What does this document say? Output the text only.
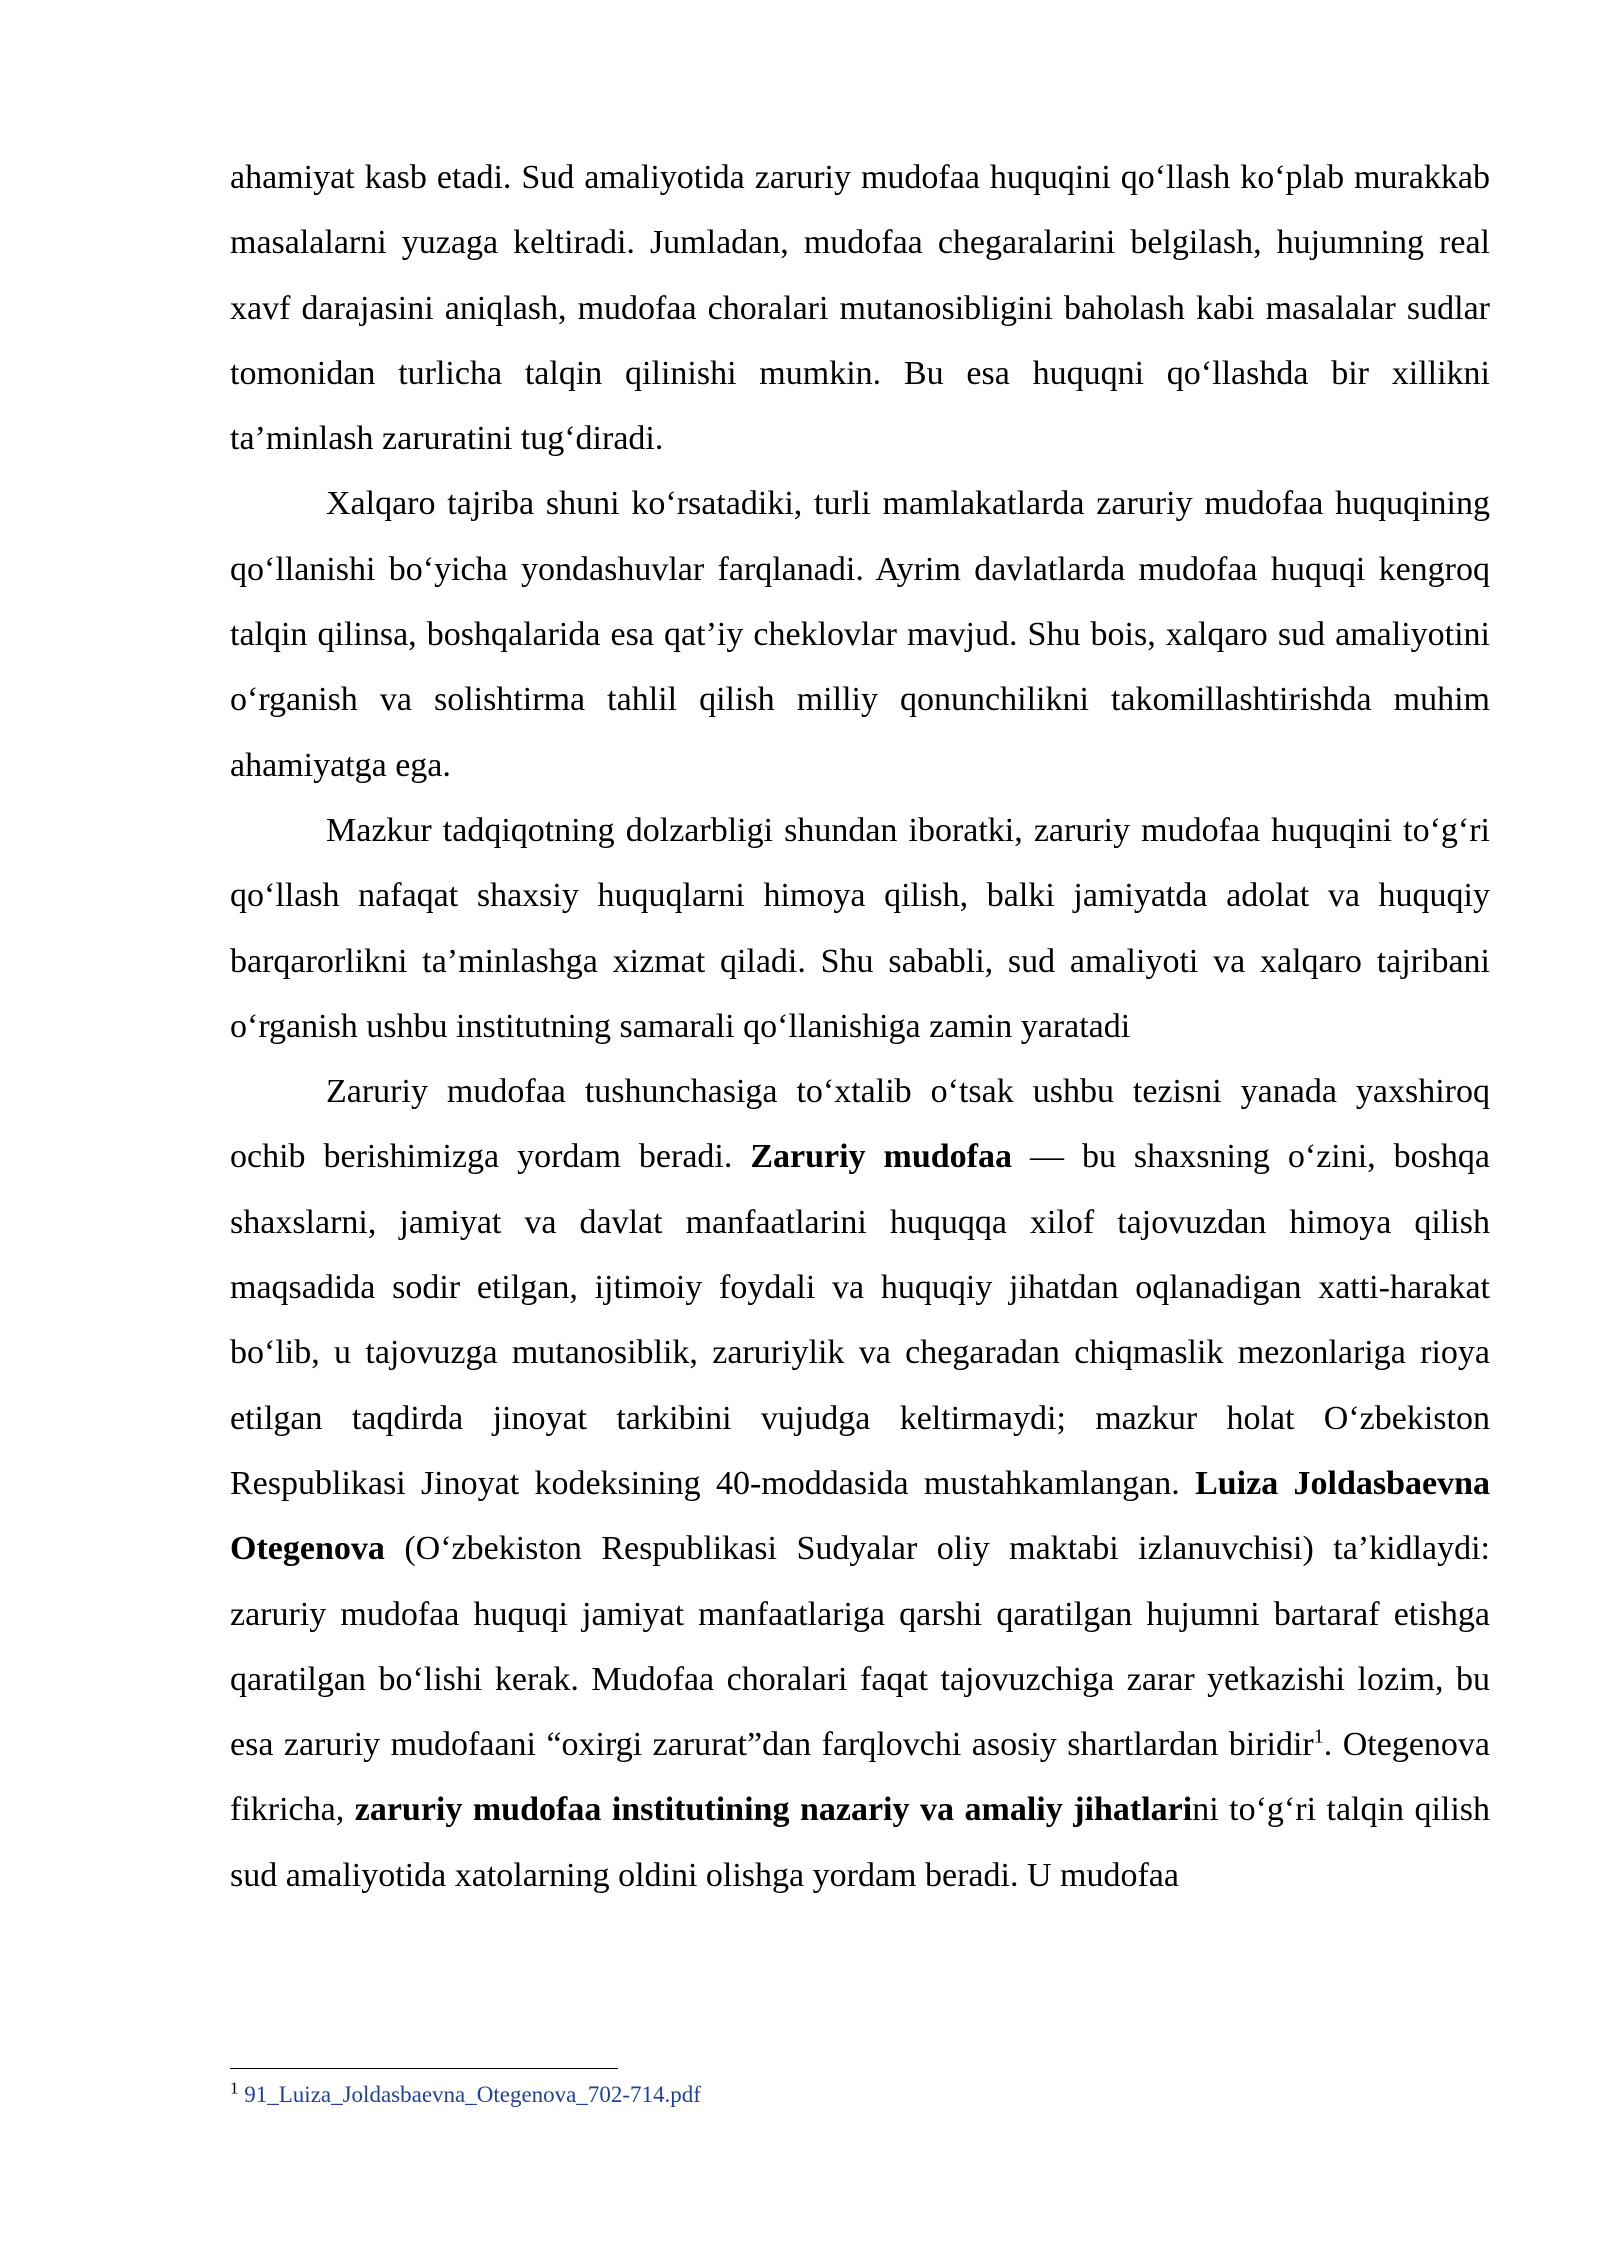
ahamiyat kasb etadi. Sud amaliyotida zaruriy mudofaa huquqini qo‘llash ko‘plab murakkab masalalarni yuzaga keltiradi. Jumladan, mudofaa chegaralarini belgilash, hujumning real xavf darajasini aniqlash, mudofaa choralari mutanosibligini baholash kabi masalalar sudlar tomonidan turlicha talqin qilinishi mumkin. Bu esa huquqni qo‘llashda bir xillikni ta’minlash zaruratini tug‘diradi.

Xalqaro tajriba shuni ko‘rsatadiki, turli mamlakatlarda zaruriy mudofaa huquqining qo‘llanishi bo‘yicha yondashuvlar farqlanadi. Ayrim davlatlarda mudofaa huquqi kengroq talqin qilinsa, boshqalarida esa qat’iy cheklovlar mavjud. Shu bois, xalqaro sud amaliyotini o‘rganish va solishtirma tahlil qilish milliy qonunchilikni takomillashtirishda muhim ahamiyatga ega.

Mazkur tadqiqotning dolzarbligi shundan iboratki, zaruriy mudofaa huquqini to‘g‘ri qo‘llash nafaqat shaxsiy huquqlarni himoya qilish, balki jamiyatda adolat va huquqiy barqarorlikni ta’minlashga xizmat qiladi. Shu sababli, sud amaliyoti va xalqaro tajribani o‘rganish ushbu institutning samarali qo‘llanishiga zamin yaratadi

Zaruriy mudofaa tushunchasiga to‘xtalib o‘tsak ushbu tezisni yanada yaxshiroq ochib berishimizga yordam beradi. Zaruriy mudofaa — bu shaxsning o‘zini, boshqa shaxslarni, jamiyat va davlat manfaatlarini huquqqa xilof tajovuzdan himoya qilish maqsadida sodir etilgan, ijtimoiy foydali va huquqiy jihatdan oqlanadigan xatti-harakat bo‘lib, u tajovuzga mutanosiblik, zaruriylik va chegaradan chiqmaslik mezonlariga rioya etilgan taqdirda jinoyat tarkibini vujudga keltirmaydi; mazkur holat O‘zbekiston Respublikasi Jinoyat kodeksining 40-moddasida mustahkamlangan. Luiza Joldasbaevna Otegenova (O‘zbekiston Respublikasi Sudyalar oliy maktabi izlanuvchisi) ta’kidlaydi: zaruriy mudofaa huquqi jamiyat manfaatlariga qarshi qaratilgan hujumni bartaraf etishga qaratilgan bo‘lishi kerak. Mudofaa choralari faqat tajovuzchiga zarar yetkazishi lozim, bu esa zaruriy mudofaani “oxirgi zarurat”dan farqlovchi asosiy shartlardan biridir$^1$. Otegenova fikricha, zaruriy mudofaa institutining nazariy va amaliy jihatlarini to‘g‘ri talqin qilish sud amaliyotida xatolarning oldini olishga yordam beradi. U mudofaa

$^1$ 91_Luiza_Joldasbaevna_Otegenova_702-714.pdf
